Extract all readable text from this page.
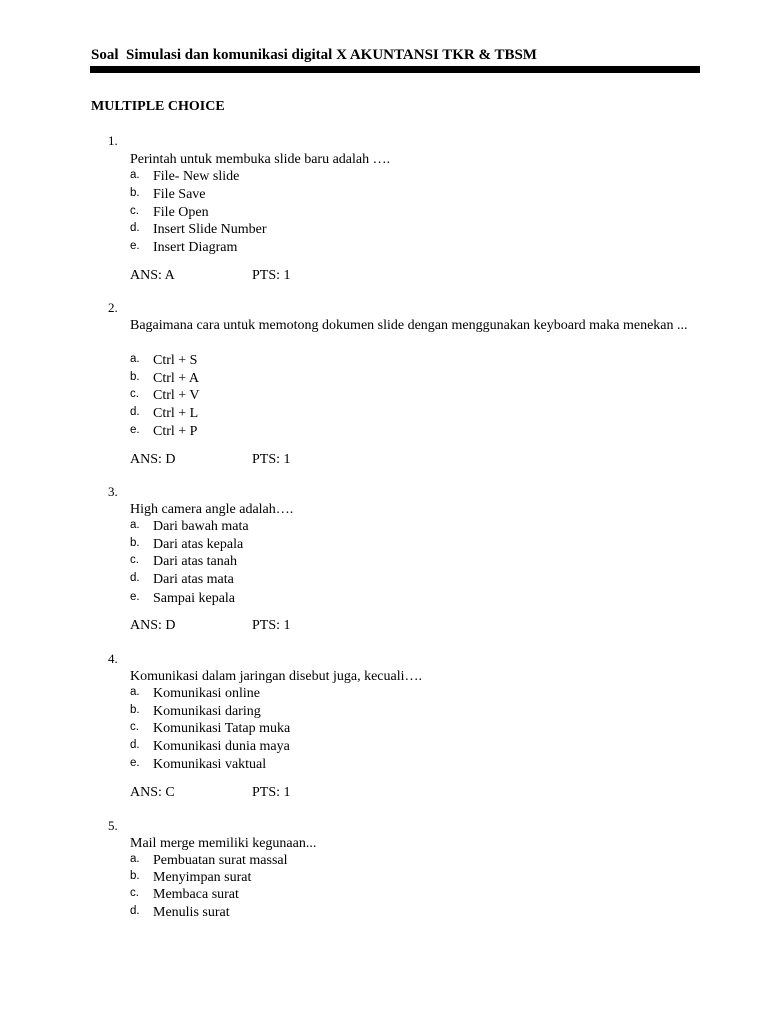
Soal  Simulasi dan komunikasi digital X AKUNTANSI TKR & TBSM
MULTIPLE CHOICE
1.
Perintah untuk membuka slide baru adalah ….
a. File- New slide
b. File Save
c. File Open
d. Insert Slide Number
e. Insert Diagram
ANS: A	PTS: 1
2.
Bagaimana cara untuk memotong dokumen slide dengan menggunakan keyboard maka menekan ...
a. Ctrl + S
b. Ctrl + A
c. Ctrl + V
d. Ctrl + L
e. Ctrl + P
ANS: D	PTS: 1
3.
High camera angle adalah….
a. Dari bawah mata
b. Dari atas kepala
c. Dari atas tanah
d. Dari atas mata
e. Sampai kepala
ANS: D	PTS: 1
4.
Komunikasi dalam jaringan disebut juga, kecuali….
a. Komunikasi online
b. Komunikasi daring
c. Komunikasi Tatap muka
d. Komunikasi dunia maya
e. Komunikasi vaktual
ANS: C	PTS: 1
5.
Mail merge memiliki kegunaan...
a. Pembuatan surat massal
b. Menyimpan surat
c. Membaca surat
d. Menulis surat
